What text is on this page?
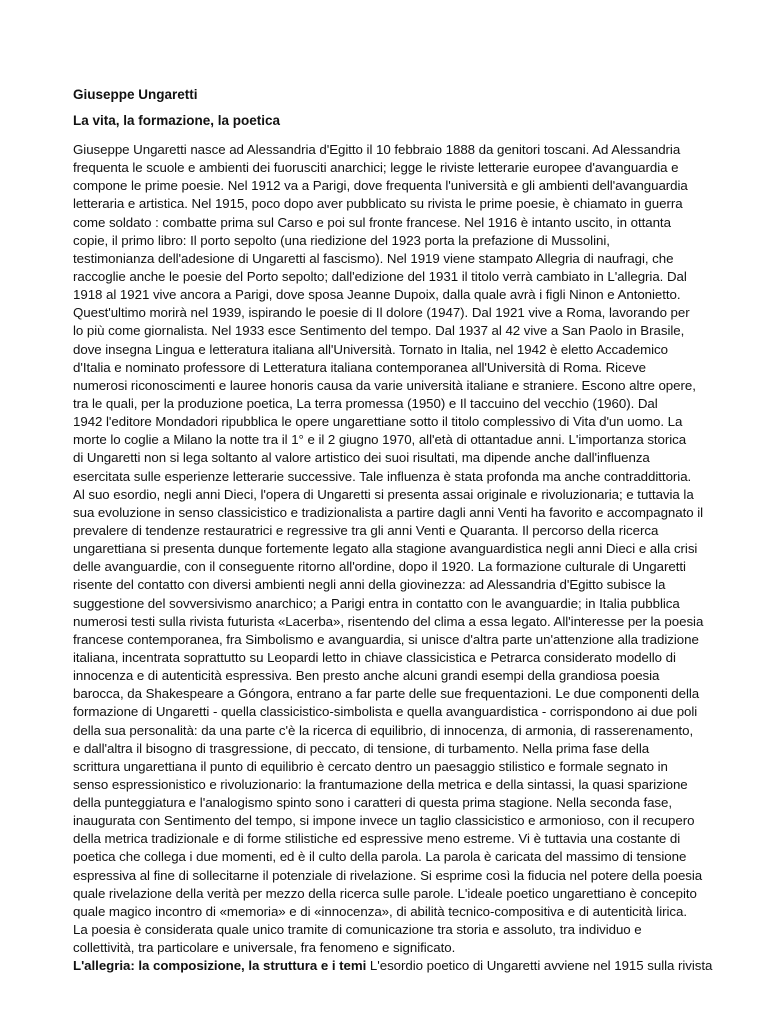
Giuseppe Ungaretti
La vita, la formazione, la poetica
Giuseppe Ungaretti nasce ad Alessandria d'Egitto il 10 febbraio 1888 da genitori toscani. Ad Alessandria
frequenta le scuole e ambienti dei fuorusciti anarchici; legge le riviste letterarie europee d'avanguardia e
compone le prime poesie. Nel 1912 va a Parigi, dove frequenta l'università e gli ambienti dell'avanguardia
letteraria e artistica. Nel 1915, poco dopo aver pubblicato su rivista le prime poesie, è chiamato in guerra
come soldato : combatte prima sul Carso e poi sul fronte francese. Nel 1916 è intanto uscito, in ottanta
copie, il primo libro: Il porto sepolto (una riedizione del 1923 porta la prefazione di Mussolini,
testimonianza dell'adesione di Ungaretti al fascismo). Nel 1919 viene stampato Allegria di naufragi, che
raccoglie anche le poesie del Porto sepolto; dall'edizione del 1931 il titolo verrà cambiato in L'allegria. Dal
1918 al 1921 vive ancora a Parigi, dove sposa Jeanne Dupoix, dalla quale avrà i figli Ninon e Antonietto.
Quest'ultimo morirà nel 1939, ispirando le poesie di Il dolore (1947). Dal 1921 vive a Roma, lavorando per
lo più come giornalista. Nel 1933 esce Sentimento del tempo. Dal 1937 al 42 vive a San Paolo in Brasile,
dove insegna Lingua e letteratura italiana all'Università. Tornato in Italia, nel 1942 è eletto Accademico
d'Italia e nominato professore di Letteratura italiana contemporanea all'Università di Roma. Riceve
numerosi riconoscimenti e lauree honoris causa da varie università italiane e straniere. Escono altre opere,
tra le quali, per la produzione poetica, La terra promessa (1950) e Il taccuino del vecchio (1960). Dal
1942 l'editore Mondadori ripubblica le opere ungarettiane sotto il titolo complessivo di Vita d'un uomo. La
morte lo coglie a Milano la notte tra il 1° e il 2 giugno 1970, all'età di ottantadue anni. L'importanza storica
di Ungaretti non si lega soltanto al valore artistico dei suoi risultati, ma dipende anche dall'influenza
esercitata sulle esperienze letterarie successive. Tale influenza è stata profonda ma anche contraddittoria.
Al suo esordio, negli anni Dieci, l'opera di Ungaretti si presenta assai originale e rivoluzionaria; e tuttavia la
sua evoluzione in senso classicistico e tradizionalista a partire dagli anni Venti ha favorito e accompagnato il
prevalere di tendenze restauratrici e regressive tra gli anni Venti e Quaranta. Il percorso della ricerca
ungarettiana si presenta dunque fortemente legato alla stagione avanguardistica negli anni Dieci e alla crisi
delle avanguardie, con il conseguente ritorno all'ordine, dopo il 1920. La formazione culturale di Ungaretti
risente del contatto con diversi ambienti negli anni della giovinezza: ad Alessandria d'Egitto subisce la
suggestione del sovversivismo anarchico; a Parigi entra in contatto con le avanguardie; in Italia pubblica
numerosi testi sulla rivista futurista «Lacerba», risentendo del clima a essa legato. All'interesse per la poesia
francese contemporanea, fra Simbolismo e avanguardia, si unisce d'altra parte un'attenzione alla tradizione
italiana, incentrata soprattutto su Leopardi letto in chiave classicistica e Petrarca considerato modello di
innocenza e di autenticità espressiva. Ben presto anche alcuni grandi esempi della grandiosa poesia
barocca, da Shakespeare a Góngora, entrano a far parte delle sue frequentazioni. Le due componenti della
formazione di Ungaretti - quella classicistico-simbolista e quella avanguardistica - corrispondono ai due poli
della sua personalità: da una parte c'è la ricerca di equilibrio, di innocenza, di armonia, di rasserenamento,
e dall'altra il bisogno di trasgressione, di peccato, di tensione, di turbamento. Nella prima fase della
scrittura ungarettiana il punto di equilibrio è cercato dentro un paesaggio stilistico e formale segnato in
senso espressionistico e rivoluzionario: la frantumazione della metrica e della sintassi, la quasi sparizione
della punteggiatura e l'analogismo spinto sono i caratteri di questa prima stagione. Nella seconda fase,
inaugurata con Sentimento del tempo, si impone invece un taglio classicistico e armonioso, con il recupero
della metrica tradizionale e di forme stilistiche ed espressive meno estreme. Vi è tuttavia una costante di
poetica che collega i due momenti, ed è il culto della parola. La parola è caricata del massimo di tensione
espressiva al fine di sollecitarne il potenziale di rivelazione. Si esprime così la fiducia nel potere della poesia
quale rivelazione della verità per mezzo della ricerca sulle parole. L'ideale poetico ungarettiano è concepito
quale magico incontro di «memoria» e di «innocenza», di abilità tecnico-compositiva e di autenticità lirica.
La poesia è considerata quale unico tramite di comunicazione tra storia e assoluto, tra individuo e
collettività, tra particolare e universale, fra fenomeno e significato.
L'allegria: la composizione, la struttura e i temi L'esordio poetico di Ungaretti avviene nel 1915 sulla rivista
